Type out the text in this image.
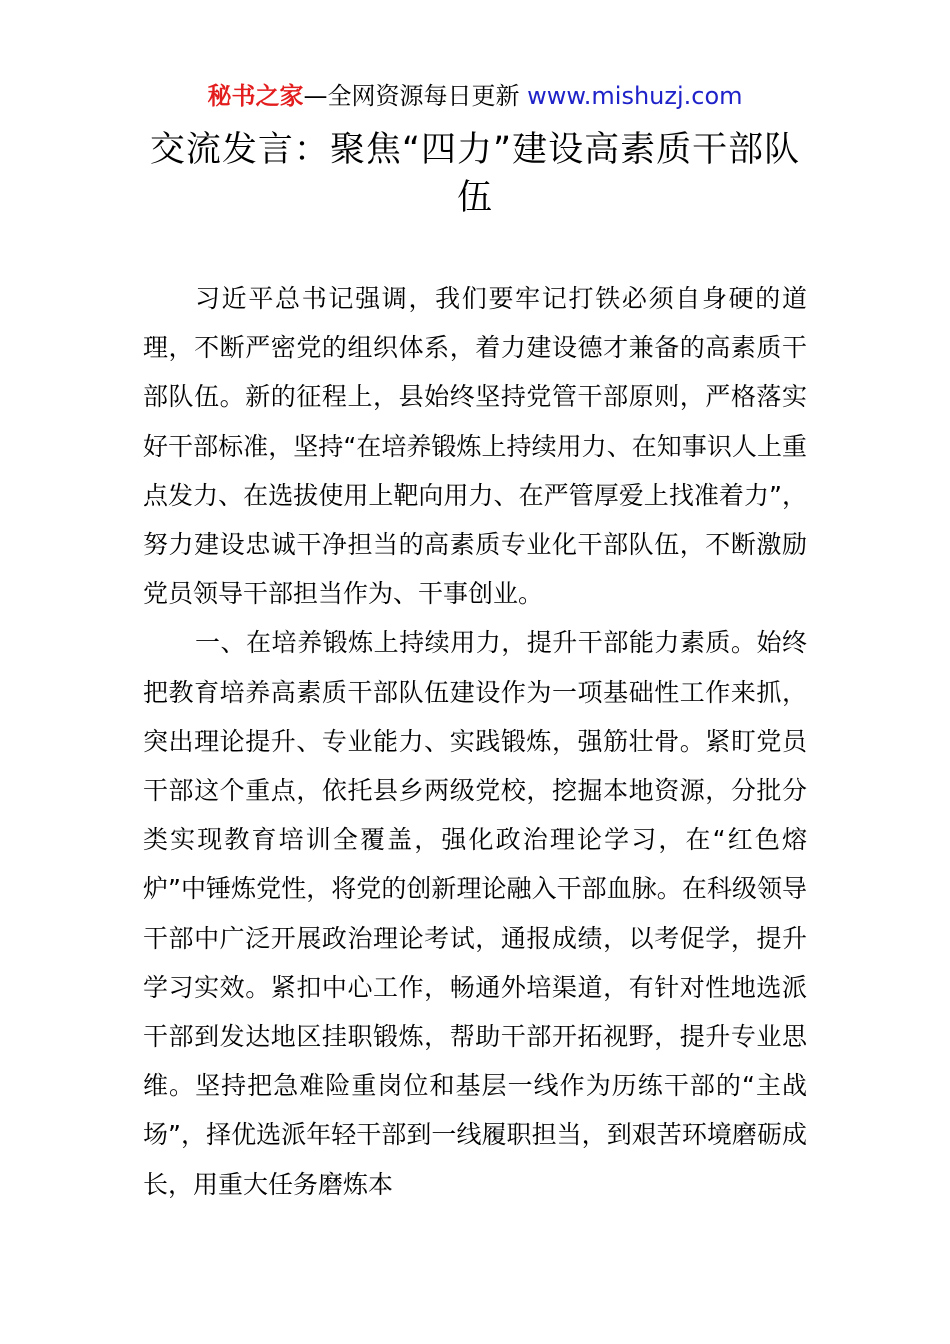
秘书之家—全网资源每日更新 www.mishuzj.com
交流发言：聚焦“四力”建设高素质干部队伍

习近平总书记强调，我们要牢记打铁必须自身硬的道理，不断严密党的组织体系，着力建设德才兼备的高素质干部队伍。新的征程上，县始终坚持党管干部原则，严格落实好干部标准，坚持“在培养锻炼上持续用力、在知事识人上重点发力、在选拔使用上靶向用力、在严管厚爱上找准着力”，努力建设忠诚干净担当的高素质专业化干部队伍，不断激励党员领导干部担当作为、干事创业。

一、在培养锻炼上持续用力，提升干部能力素质。始终把教育培养高素质干部队伍建设作为一项基础性工作来抓，突出理论提升、专业能力、实践锻炼，强筋壮骨。紧盯党员干部这个重点，依托县乡两级党校，挖掘本地资源，分批分类实现教育培训全覆盖，强化政治理论学习，在“红色熔炉”中锤炼党性，将党的创新理论融入干部血脉。在科级领导干部中广泛开展政治理论考试，通报成绩，以考促学，提升学习实效。紧扣中心工作，畅通外培渠道，有针对性地选派干部到发达地区挂职锻炼，帮助干部开拓视野，提升专业思维。坚持把急难险重岗位和基层一线作为历练干部的“主战场”，择优选派年轻干部到一线履职担当，到艰苦环境磨砺成长，用重大任务磨炼本
